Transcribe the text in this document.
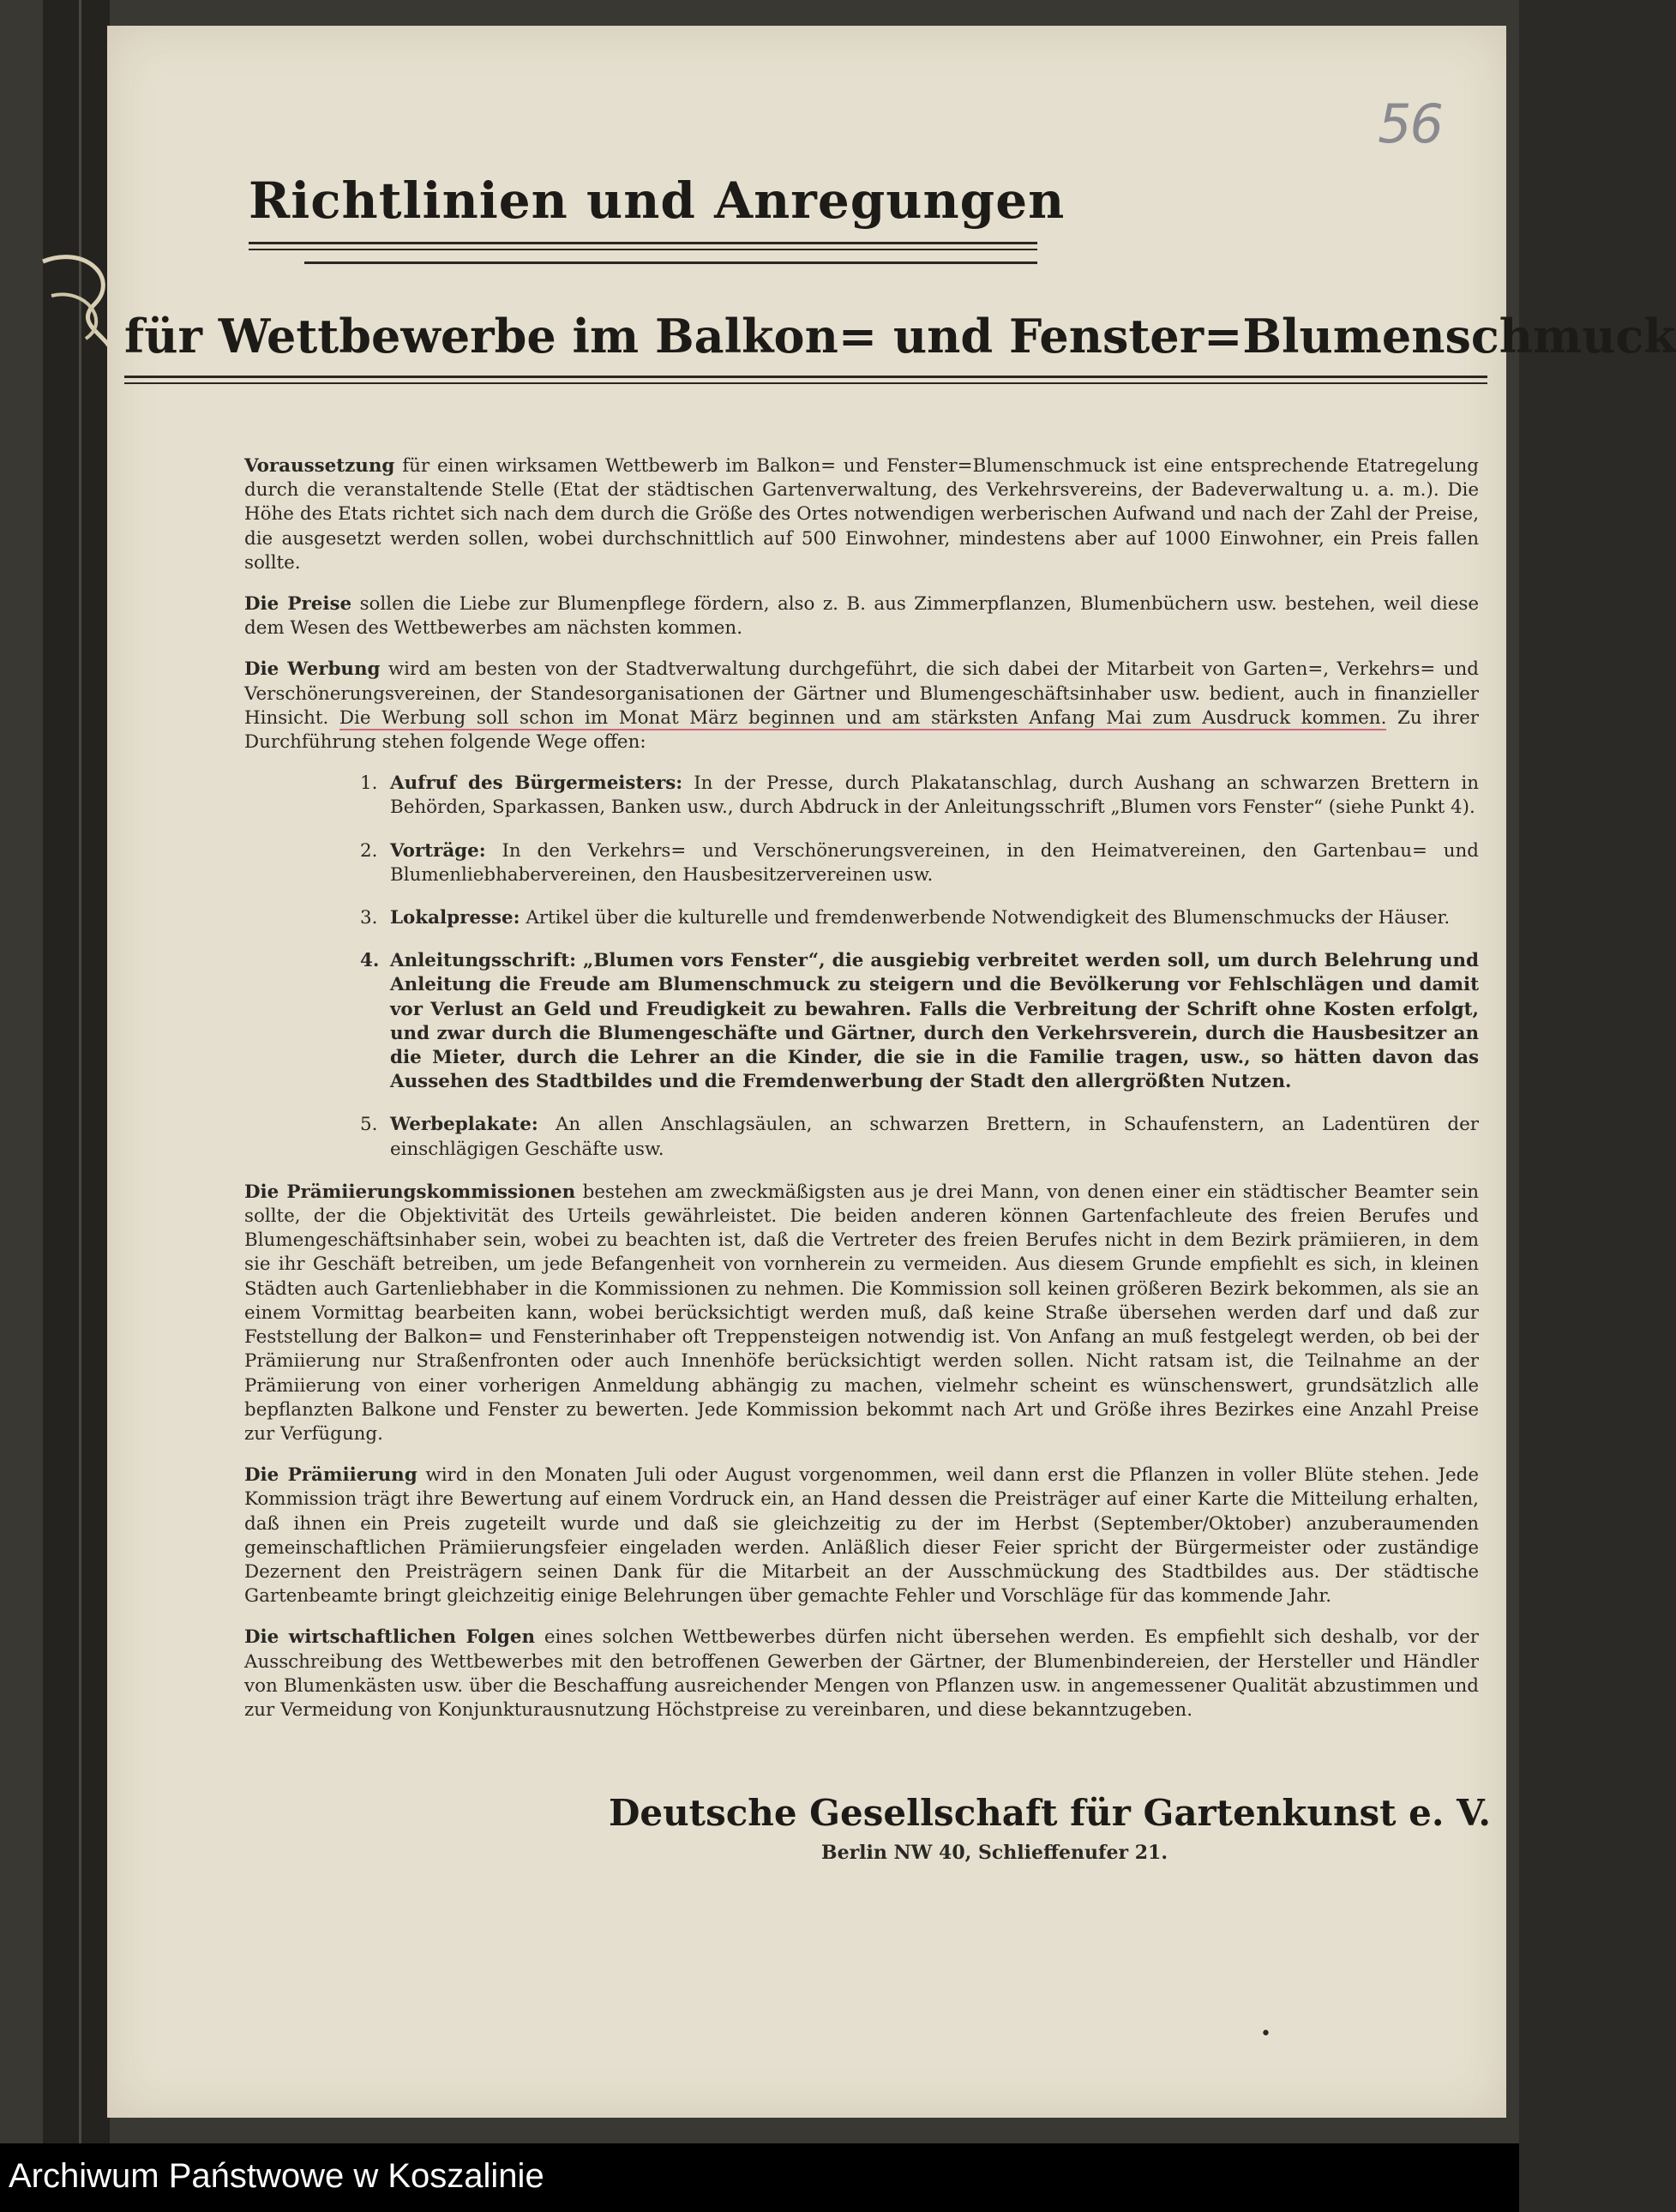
56
Richtlinien und Anregungen
für Wettbewerbe im Balkon= und Fenster=Blumenschmuck

Voraussetzung für einen wirksamen Wettbewerb im Balkon= und Fenster=Blumenschmuck ist eine entsprechende Etatregelung durch die veranstaltende Stelle (Etat der städtischen Gartenverwaltung, des Verkehrsvereins, der Badeverwaltung u. a. m.). Die Höhe des Etats richtet sich nach dem durch die Größe des Ortes notwendigen werberischen Aufwand und nach der Zahl der Preise, die ausgesetzt werden sollen, wobei durchschnittlich auf 500 Einwohner, mindestens aber auf 1000 Einwohner, ein Preis fallen sollte.

Die Preise sollen die Liebe zur Blumenpflege fördern, also z. B. aus Zimmerpflanzen, Blumenbüchern usw. bestehen, weil diese dem Wesen des Wettbewerbes am nächsten kommen.

Die Werbung wird am besten von der Stadtverwaltung durchgeführt, die sich dabei der Mitarbeit von Garten=, Verkehrs= und Verschönerungsvereinen, der Standesorganisationen der Gärtner und Blumengeschäftsinhaber usw. bedient, auch in finanzieller Hinsicht. Die Werbung soll schon im Monat März beginnen und am stärksten Anfang Mai zum Ausdruck kommen. Zu ihrer Durchführung stehen folgende Wege offen:

1. Aufruf des Bürgermeisters: In der Presse, durch Plakatanschlag, durch Aushang an schwarzen Brettern in Behörden, Sparkassen, Banken usw., durch Abdruck in der Anleitungsschrift „Blumen vors Fenster“ (siehe Punkt 4).
2. Vorträge: In den Verkehrs= und Verschönerungsvereinen, in den Heimatvereinen, den Gartenbau= und Blumenliebhabervereinen, den Hausbesitzervereinen usw.
3. Lokalpresse: Artikel über die kulturelle und fremdenwerbende Notwendigkeit des Blumenschmucks der Häuser.
4. Anleitungsschrift: „Blumen vors Fenster“, die ausgiebig verbreitet werden soll, um durch Belehrung und Anleitung die Freude am Blumenschmuck zu steigern und die Bevölkerung vor Fehlschlägen und damit vor Verlust an Geld und Freudigkeit zu bewahren. Falls die Verbreitung der Schrift ohne Kosten erfolgt, und zwar durch die Blumengeschäfte und Gärtner, durch den Verkehrsverein, durch die Hausbesitzer an die Mieter, durch die Lehrer an die Kinder, die sie in die Familie tragen, usw., so hätten davon das Aussehen des Stadtbildes und die Fremdenwerbung der Stadt den allergrößten Nutzen.
5. Werbeplakate: An allen Anschlagsäulen, an schwarzen Brettern, in Schaufenstern, an Ladentüren der einschlägigen Geschäfte usw.

Die Prämiierungskommissionen bestehen am zweckmäßigsten aus je drei Mann, von denen einer ein städtischer Beamter sein sollte, der die Objektivität des Urteils gewährleistet. Die beiden anderen können Gartenfachleute des freien Berufes und Blumengeschäftsinhaber sein, wobei zu beachten ist, daß die Vertreter des freien Berufes nicht in dem Bezirk prämiieren, in dem sie ihr Geschäft betreiben, um jede Befangenheit von vornherein zu vermeiden. Aus diesem Grunde empfiehlt es sich, in kleinen Städten auch Gartenliebhaber in die Kommissionen zu nehmen. Die Kommission soll keinen größeren Bezirk bekommen, als sie an einem Vormittag bearbeiten kann, wobei berücksichtigt werden muß, daß keine Straße übersehen werden darf und daß zur Feststellung der Balkon= und Fensterinhaber oft Treppensteigen notwendig ist. Von Anfang an muß festgelegt werden, ob bei der Prämiierung nur Straßenfronten oder auch Innenhöfe berücksichtigt werden sollen. Nicht ratsam ist, die Teilnahme an der Prämiierung von einer vorherigen Anmeldung abhängig zu machen, vielmehr scheint es wünschenswert, grundsätzlich alle bepflanzten Balkone und Fenster zu bewerten. Jede Kommission bekommt nach Art und Größe ihres Bezirkes eine Anzahl Preise zur Verfügung.

Die Prämiierung wird in den Monaten Juli oder August vorgenommen, weil dann erst die Pflanzen in voller Blüte stehen. Jede Kommission trägt ihre Bewertung auf einem Vordruck ein, an Hand dessen die Preisträger auf einer Karte die Mitteilung erhalten, daß ihnen ein Preis zugeteilt wurde und daß sie gleichzeitig zu der im Herbst (September/Oktober) anzuberaumenden gemeinschaftlichen Prämiierungsfeier eingeladen werden. Anläßlich dieser Feier spricht der Bürgermeister oder zuständige Dezernent den Preisträgern seinen Dank für die Mitarbeit an der Ausschmückung des Stadtbildes aus. Der städtische Gartenbeamte bringt gleichzeitig einige Belehrungen über gemachte Fehler und Vorschläge für das kommende Jahr.

Die wirtschaftlichen Folgen eines solchen Wettbewerbes dürfen nicht übersehen werden. Es empfiehlt sich deshalb, vor der Ausschreibung des Wettbewerbes mit den betroffenen Gewerben der Gärtner, der Blumenbindereien, der Hersteller und Händler von Blumenkästen usw. über die Beschaffung ausreichender Mengen von Pflanzen usw. in angemessener Qualität abzustimmen und zur Vermeidung von Konjunkturausnutzung Höchstpreise zu vereinbaren, und diese bekanntzugeben.

Deutsche Gesellschaft für Gartenkunst e. V.
Berlin NW 40, Schlieffenufer 21.
•
Archiwum Państwowe w Koszalinie
